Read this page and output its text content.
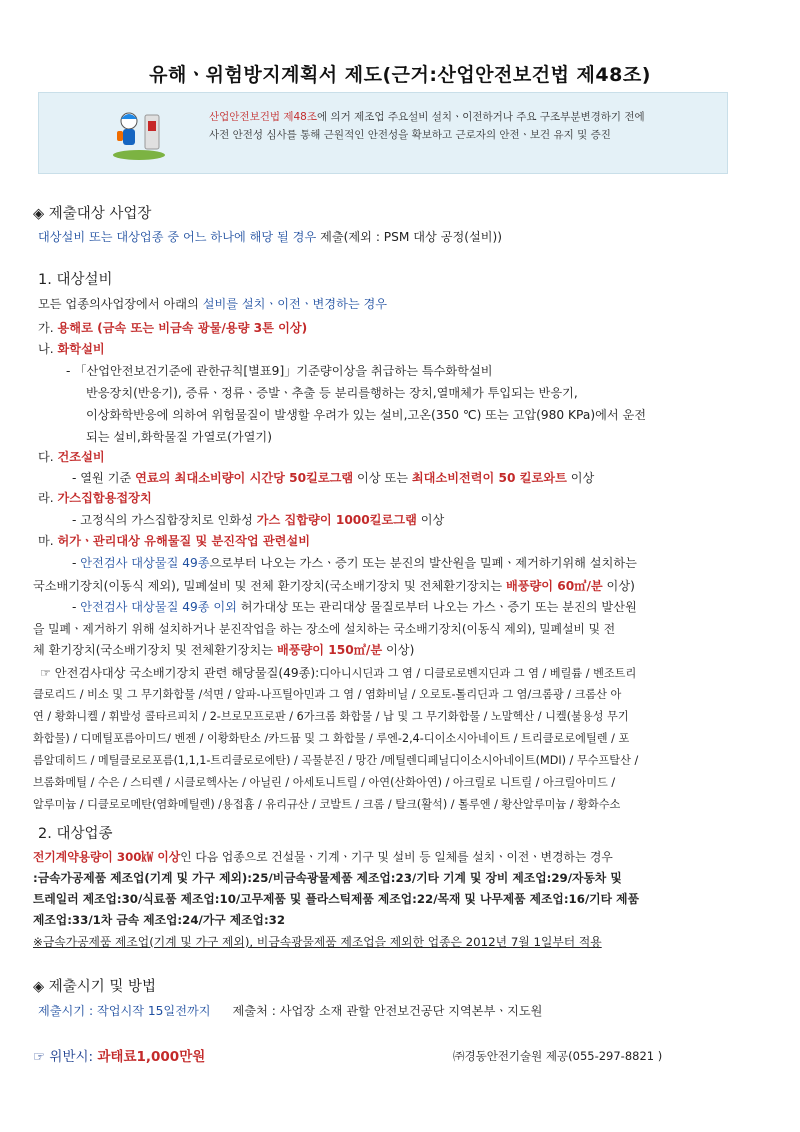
유해ㆍ위험방지계획서 제도(근거:산업안전보건법 제48조)
산업안전보건법 제48조에 의거 제조업 주요설비 설치ㆍ이전하거나 주요 구조부분변경하기 전에
사전 안전성 심사를 통해 근원적인 안전성을 확보하고 근로자의 안전ㆍ보건 유지 및 증진
◈ 제출대상 사업장
대상설비 또는 대상업종 중 어느 하나에 해당 될 경우 제출(제외 : PSM 대상 공정(설비))
1. 대상설비
모든 업종의사업장에서 아래의 설비를 설치ㆍ이전ㆍ변경하는 경우
가. 용해로 (금속 또는 비금속 광물/용량 3톤 이상)
나. 화학설비
- 「산업안전보건기준에 관한규칙[별표9]」기준량이상을 취급하는 특수화학설비
반응장치(반응기), 증류ㆍ정류ㆍ증발ㆍ추출 등 분리를행하는 장치,열매체가 투입되는 반응기,
이상화학반응에 의하여 위험물질이 발생할 우려가 있는 설비,고온(350 ℃) 또는 고압(980 KPa)에서 운전
되는 설비,화학물질 가열로(가열기)
다. 건조설비
- 열원 기준 연료의 최대소비량이 시간당 50킬로그램 이상 또는 최대소비전력이 50 킬로와트 이상
라. 가스집합용접장치
- 고정식의 가스집합장치로 인화성 가스 집합량이 1000킬로그램 이상
마. 허가ㆍ관리대상 유해물질 및 분진작업 관련설비
- 안전검사 대상물질 49종으로부터 나오는 가스ㆍ증기 또는 분진의 발산원을 밀폐ㆍ제거하기위해 설치하는
국소배기장치(이동식 제외), 밀폐설비 및 전체 환기장치(국소배기장치 및 전체환기장치는 배풍량이 60㎥/분 이상)
- 안전검사 대상물질 49종 이외 허가대상 또는 관리대상 물질로부터 나오는 가스ㆍ증기 또는 분진의 발산원
을 밀폐ㆍ제거하기 위해 설치하거나 분진작업을 하는 장소에 설치하는 국소배기장치(이동식 제외), 밀폐설비 및 전
체 환기장치(국소배기장치 및 전체환기장치는 배풍량이 150㎥/분 이상)
☞ 안전검사대상 국소배기장치 관련 해당물질(49종):디아니시딘과 그 염 / 디클로로벤지딘과 그 염 / 베릴륨 / 벤조트리
클로리드 / 비소 및 그 무기화합물 /석면 / 알파-나프틸아민과 그 염 / 염화비닐 / 오로토-톨리딘과 그 염/크롬광 / 크롬산 아
연 / 황화니켈 / 휘발성 콜타르피치 / 2-브로모프로판 / 6가크롬 화합물 / 납 및 그 무기화합물 / 노말헥산 / 니켈(불용성 무기
화합물) / 디메틸포름아미드/ 벤젠 / 이황화탄소 /카드뮴 및 그 화합물 / 루엔-2,4-디이소시아네이트 / 트리클로로에틸렌 / 포
름알데히드 / 메틸클로로포름(1,1,1-트리클로로에탄) / 곡물분진 / 망간 /메틸렌디페닐디이소시아네이트(MDI) / 무수프탈산 /
브롬화메틸 / 수은 / 스티렌 / 시클로헥사논 / 아닐린 / 아세토니트릴 / 아연(산화아연) / 아크릴로 니트릴 / 아크릴아미드 /
알루미늄 / 디클로로메탄(염화메틸렌) /용접흄 / 유리규산 / 코발트 / 크롬 / 탈크(활석) / 톨루엔 / 황산알루미늄 / 황화수소
2. 대상업종
전기계약용량이 300㎾ 이상인 다음 업종으로 건설물ㆍ기계ㆍ기구 및 설비 등 일체를 설치ㆍ이전ㆍ변경하는 경우
:금속가공제품 제조업(기계 및 가구 제외):25/비금속광물제품 제조업:23/기타 기계 및 장비 제조업:29/자동차 및
트레일러 제조업:30/식료품 제조업:10/고무제품 및 플라스틱제품 제조업:22/목재 및 나무제품 제조업:16/기타 제품
제조업:33/1차 금속 제조업:24/가구 제조업:32
※금속가공제품 제조업(기계 및 가구 제외), 비금속광물제품 제조업을 제외한 업종은 2012년 7월 1일부터 적용
◈ 제출시기 및 방법
제출시기 : 작업시작 15일전까지 제출처 : 사업장 소재 관할 안전보건공단 지역본부ㆍ지도원
☞ 위반시: 과태료1,000만원	㈜경동안전기술원 제공(055-297-8821 )
